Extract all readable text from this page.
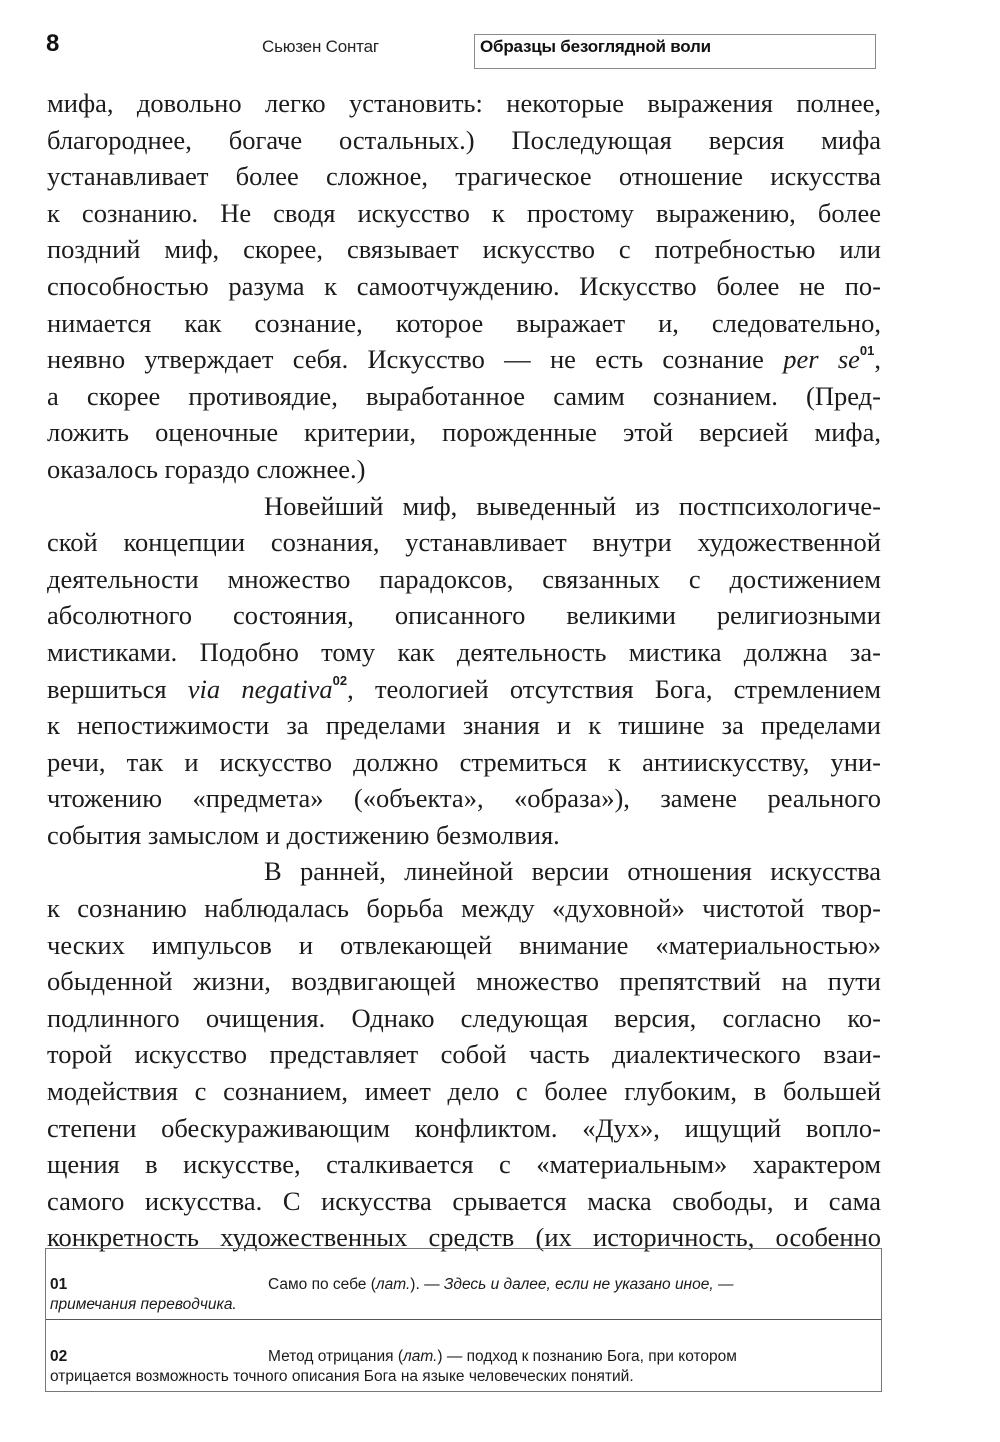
8	Сьюзен Сонтаг	Образцы безоглядной воли
мифа, довольно легко установить: некоторые выражения полнее,
благороднее, богаче остальных.) Последующая версия мифа
устанавливает более сложное, трагическое отношение искусства
к сознанию. Не сводя искусство к простому выражению, более
поздний миф, скорее, связывает искусство с потребностью или
способностью разума к самоотчуждению. Искусство более не по-
нимается как сознание, которое выражает и, следовательно,
неявно утверждает себя. Искусство — не есть сознание per $se^{01}$,
а скорее противоядие, выработанное самим сознанием. (Пред-
ложить оценочные критерии, порожденные этой версией мифа,
оказалось гораздо сложнее.)
Новейший миф, выведенный из постпсихологиче-
ской концепции сознания, устанавливает внутри художественной
деятельности множество парадоксов, связанных с достижением
абсолютного состояния, описанного великими религиозными
мистиками. Подобно тому как деятельность мистика должна за-
вершиться via negativa$^{02}$, теологией отсутствия Бога, стремлением
к непостижимости за пределами знания и к тишине за пределами
речи, так и искусство должно стремиться к антиискусству, уни-
чтожению «предмета» («объекта», «образа»), замене реального
события замыслом и достижению безмолвия.
В ранней, линейной версии отношения искусства
к сознанию наблюдалась борьба между «духовной» чистотой твор-
ческих импульсов и отвлекающей внимание «материальностью»
обыденной жизни, воздвигающей множество препятствий на пути
подлинного очищения. Однако следующая версия, согласно ко-
торой искусство представляет собой часть диалектического взаи-
модействия с сознанием, имеет дело с более глубоким, в большей
степени обескураживающим конфликтом. «Дух», ищущий вопло-
щения в искусстве, сталкивается с «материальным» характером
самого искусства. С искусства срывается маска свободы, и сама
конкретность художественных средств (их историчность, особенно
01	Само по себе (лат.). — Здесь и далее, если не указано иное, —
примечания переводчика.
02	Метод отрицания (лат.) — подход к познанию Бога, при котором
отрицается возможность точного описания Бога на языке человеческих понятий.
